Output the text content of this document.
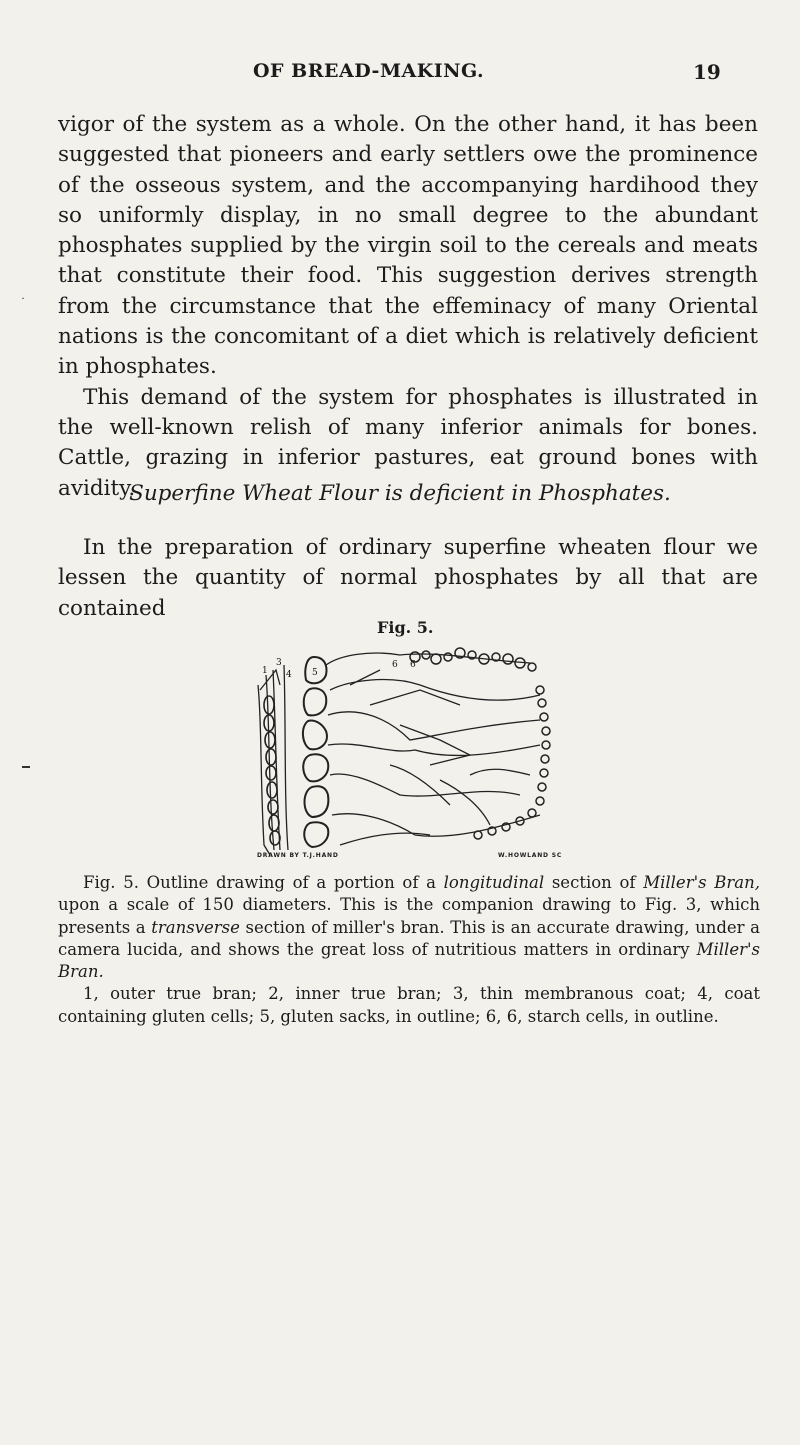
OF BREAD-MAKING.	19
˙

vigor of the system as a whole. On the other hand, it has been suggested that pioneers and early settlers owe the prominence of the osseous system, and the accompanying hardihood they so uniformly display, in no small degree to the abundant phosphates supplied by the virgin soil to the cereals and meats that constitute their food. This suggestion derives strength from the circumstance that the effeminacy of many Oriental nations is the concomitant of a diet which is relatively deficient in phosphates.

This demand of the system for phosphates is illustrated in the well-known relish of many inferior animals for bones. Cattle, grazing in inferior pastures, eat ground bones with avidity.

Superfine Wheat Flour is deficient in Phosphates.

In the preparation of ordinary superfine wheaten flour we lessen the quantity of normal phosphates by all that are contained

Fig. 5.
1
3
4 5
6 6
DRAWN BY T.J.HAND	W.HOWLAND SC

Fig. 5. Outline drawing of a portion of a longitudinal section of Miller's Bran, upon a scale of 150 diameters. This is the companion drawing to Fig. 3, which presents a transverse section of miller's bran. This is an accurate drawing, under a camera lucida, and shows the great loss of nutritious matters in ordinary Miller's Bran.

1, outer true bran; 2, inner true bran; 3, thin membranous coat; 4, coat containing gluten cells; 5, gluten sacks, in outline; 6, 6, starch cells, in outline.
